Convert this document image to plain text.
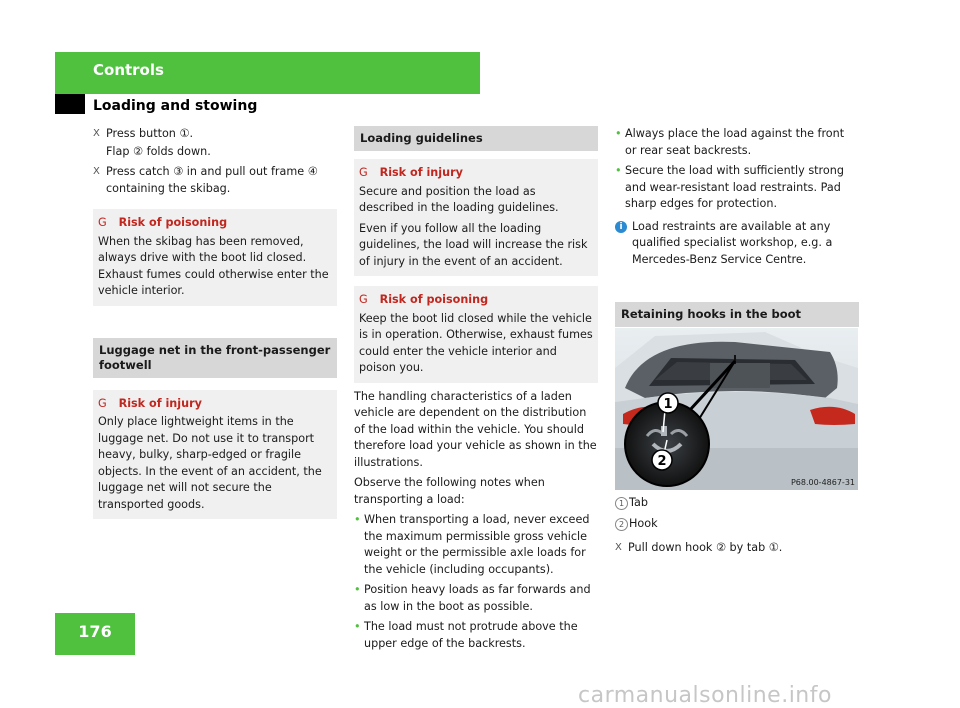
Controls
Loading and stowing
X Press button ①.
Flap ② folds down.
X Press catch ③ in and pull out frame ④ containing the skibag.
G Risk of poisoning
When the skibag has been removed, always drive with the boot lid closed. Exhaust fumes could otherwise enter the vehicle interior.
Luggage net in the front-passenger footwell
G Risk of injury
Only place lightweight items in the luggage net. Do not use it to transport heavy, bulky, sharp-edged or fragile objects. In the event of an accident, the luggage net will not secure the transported goods.
Loading guidelines
G Risk of injury
Secure and position the load as described in the loading guidelines.
Even if you follow all the loading guidelines, the load will increase the risk of injury in the event of an accident.
G Risk of poisoning
Keep the boot lid closed while the vehicle is in operation. Otherwise, exhaust fumes could enter the vehicle interior and poison you.
The handling characteristics of a laden vehicle are dependent on the distribution of the load within the vehicle. You should therefore load your vehicle as shown in the illustrations.
Observe the following notes when transporting a load:
• When transporting a load, never exceed the maximum permissible gross vehicle weight or the permissible axle loads for the vehicle (including occupants).
• Position heavy loads as far forwards and as low in the boot as possible.
• The load must not protrude above the upper edge of the backrests.
• Always place the load against the front or rear seat backrests.
• Secure the load with sufficiently strong and wear-resistant load restraints. Pad sharp edges for protection.
i Load restraints are available at any qualified specialist workshop, e.g. a Mercedes-Benz Service Centre.
Retaining hooks in the boot
1
2
P68.00-4867-31
1 Tab
2 Hook
X Pull down hook ② by tab ①.
176
carmanualsonline.info
